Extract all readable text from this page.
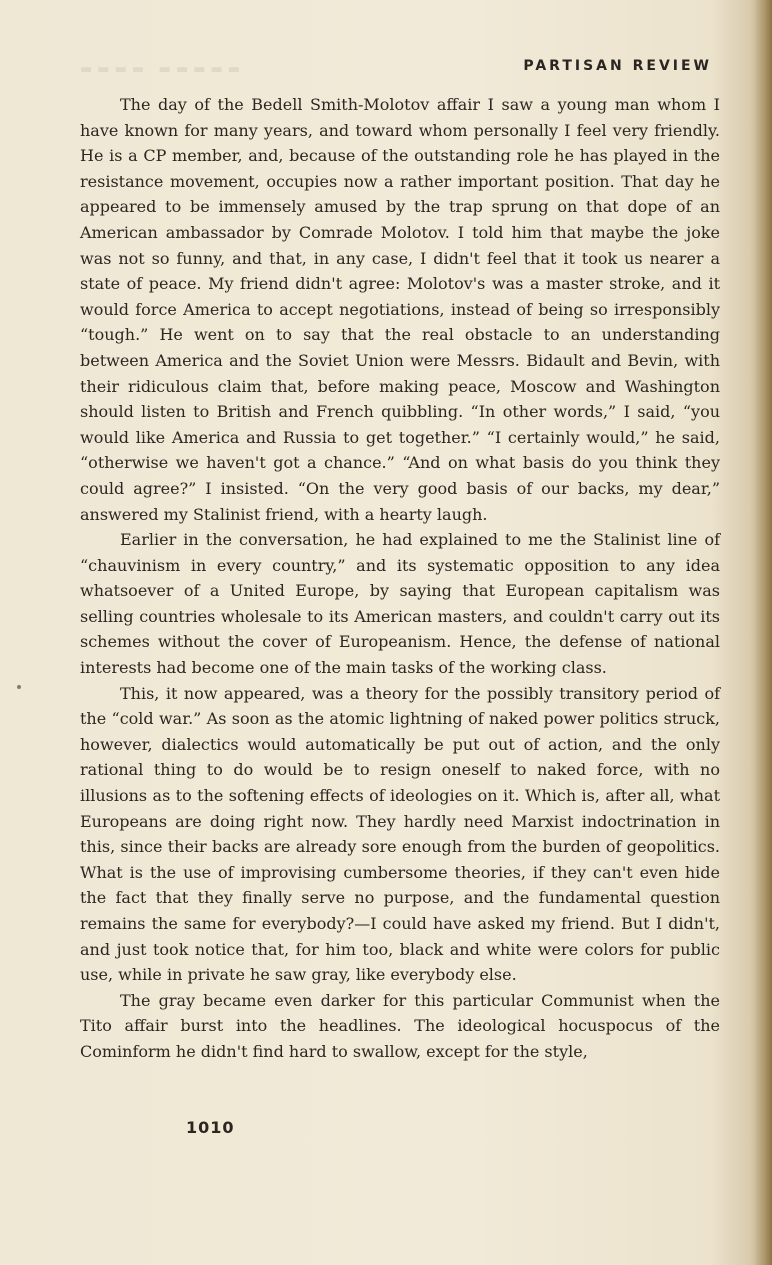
▬▬▬▬ ▬▬▬▬▬	PARTISAN REVIEW

The day of the Bedell Smith-Molotov affair I saw a young man whom I have known for many years, and toward whom personally I feel very friendly. He is a CP member, and, because of the outstanding role he has played in the resistance movement, occupies now a rather important position. That day he appeared to be immensely amused by the trap sprung on that dope of an American ambassador by Comrade Molotov. I told him that maybe the joke was not so funny, and that, in any case, I didn't feel that it took us nearer a state of peace. My friend didn't agree: Molotov's was a master stroke, and it would force America to accept negotiations, instead of being so irresponsibly “tough.” He went on to say that the real obstacle to an understanding between America and the Soviet Union were Messrs. Bidault and Bevin, with their ridiculous claim that, before making peace, Moscow and Washington should listen to British and French quibbling. “In other words,” I said, “you would like America and Russia to get together.” “I certainly would,” he said, “otherwise we haven't got a chance.” “And on what basis do you think they could agree?” I insisted. “On the very good basis of our backs, my dear,” answered my Stalinist friend, with a hearty laugh.

Earlier in the conversation, he had explained to me the Stalinist line of “chauvinism in every country,” and its systematic opposition to any idea whatsoever of a United Europe, by saying that European capitalism was selling countries wholesale to its American masters, and couldn't carry out its schemes without the cover of Europeanism. Hence, the defense of national interests had become one of the main tasks of the working class.

This, it now appeared, was a theory for the possibly transitory period of the “cold war.” As soon as the atomic lightning of naked power politics struck, however, dialectics would automatically be put out of action, and the only rational thing to do would be to resign oneself to naked force, with no illusions as to the softening effects of ideologies on it. Which is, after all, what Europeans are doing right now. They hardly need Marxist indoctrination in this, since their backs are already sore enough from the burden of geopolitics. What is the use of improvising cumbersome theories, if they can't even hide the fact that they finally serve no purpose, and the fundamental question remains the same for everybody?—I could have asked my friend. But I didn't, and just took notice that, for him too, black and white were colors for public use, while in private he saw gray, like everybody else.

The gray became even darker for this particular Communist when the Tito affair burst into the headlines. The ideological hocuspocus of the Cominform he didn't find hard to swallow, except for the style,

1010
